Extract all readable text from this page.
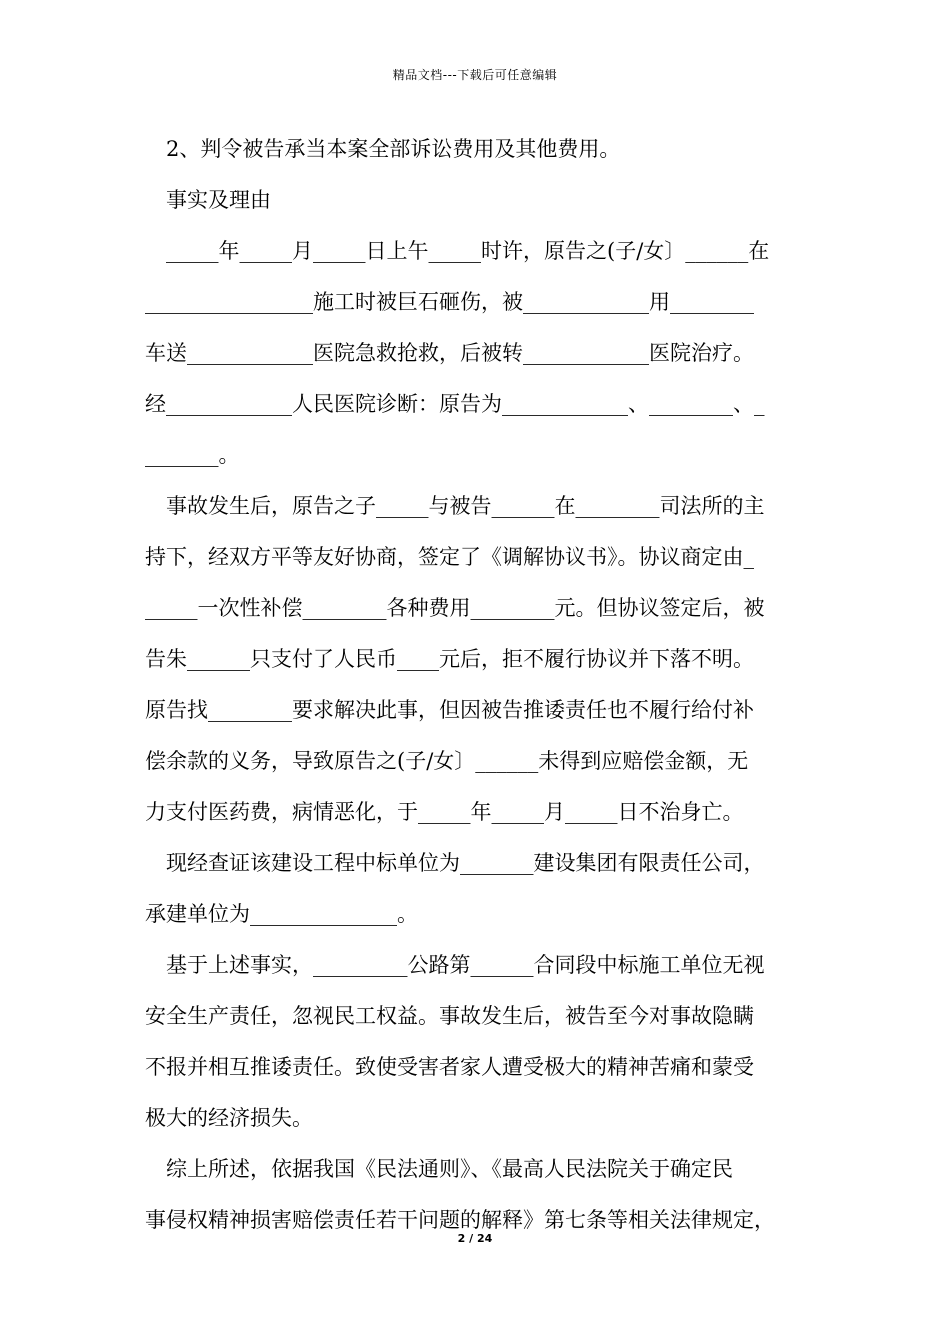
精品文档---下载后可任意编辑
2、判令被告承当本案全部诉讼费用及其他费用。
事实及理由
_____年_____月_____日上午_____时许，原告之(子/女〕______在
________________施工时被巨石砸伤，被____________用________
车送____________医院急救抢救，后被转____________医院治疗。
经____________人民医院诊断：原告为____________、________、_
_______。
事故发生后，原告之子_____与被告______在________司法所的主
持下，经双方平等友好协商，签定了《调解协议书》。协议商定由_
_____一次性补偿________各种费用________元。但协议签定后，被
告朱______只支付了人民币____元后，拒不履行协议并下落不明。
原告找________要求解决此事，但因被告推诿责任也不履行给付补
偿余款的义务，导致原告之(子/女〕______未得到应赔偿金额，无
力支付医药费，病情恶化，于_____年_____月_____日不治身亡。
现经查证该建设工程中标单位为_______建设集团有限责任公司，
承建单位为______________。
基于上述事实，_________公路第______合同段中标施工单位无视
安全生产责任，忽视民工权益。事故发生后，被告至今对事故隐瞒
不报并相互推诿责任。致使受害者家人遭受极大的精神苦痛和蒙受
极大的经济损失。
综上所述，依据我国《民法通则》、《最高人民法院关于确定民
事侵权精神损害赔偿责任若干问题的解释》第七条等相关法律规定，
2 / 24
